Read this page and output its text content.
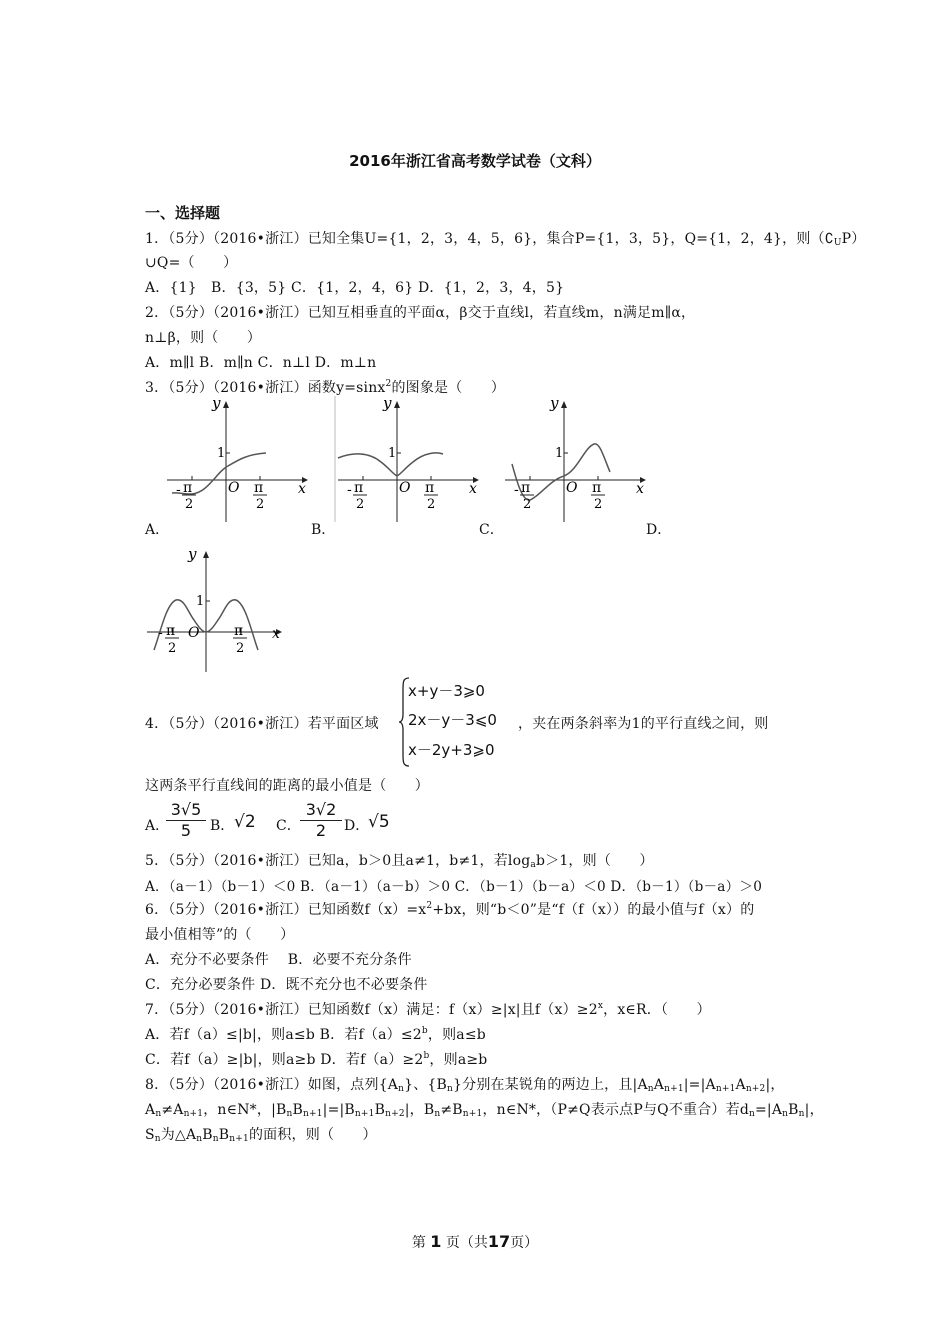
2016年浙江省高考数学试卷（文科）
一、选择题
1．（5分）（2016•浙江）已知全集U={1，2，3，4，5，6}，集合P={1，3，5}，Q={1，2，4}，则$(∁_UP)$
∪Q=（　　）
A．{1}　B．{3，5} C．{1，2，4，6} D．{1，2，3，4，5}
2．（5分）（2016•浙江）已知互相垂直的平面α，β交于直线l，若直线m，n满足m∥α，
n⊥β，则（　　）
A．m∥l B．m∥n C．n⊥l D．m⊥n
3．（5分）（2016•浙江）函数y=sinx$^2$的图象是（　　）
y
x
O
1
- π
2
π
2
y
x
O
1
- π
2
π
2
y
x
O
1
- π
2
π
2
A．	B．	C．	D．
y
x
O
1
- π
2
π
2
4．（5分）（2016•浙江）若平面区域
x+y－3⩾0
2x－y－3⩽0
x－2y+3⩾0
，夹在两条斜率为1的平行直线之间，则
这两条平行直线间的距离的最小值是（　　）
A．
$\frac{3√5}{5}$ B． √2 C． $\frac{3√2}{2}$ D．
√5
5．（5分）（2016•浙江）已知a，b＞0且a≠1，b≠1，若$\log_ab>1$，则（　　）
A．（a－1）（b－1）＜0 B．（a－1）（a－b）＞0 C．（b－1）（b－a）＜0 D．（b－1）（b－a）＞0
6．（5分）（2016•浙江）已知函数$f(x)=x^2+bx$，则“b＜0”是“f（f（x））的最小值与f（x）的
最小值相等”的（　　）
A．充分不必要条件　 B．必要不充分条件
C．充分必要条件 D．既不充分也不必要条件
7．（5分）（2016•浙江）已知函数f（x）满足：f（x）≥|x|且$f(x)\ge 2^x$，x∈R．（　　）
A．若f（a）≤|b|，则a≤b B．若$f(a)\le 2^b$，则a≤b
C．若f（a）≥|b|，则a≥b D．若$f(a)\ge 2^b$，则a≥b
8．（5分）（2016•浙江）如图，点列$\{A_n\}$、$\{B_n\}$分别在某锐角的两边上，且$|A_nA_{n+1}|=|A_{n+1}A_{n+2}|$，
$A_n\ne A_{n+1}$，n∈N*，$|B_nB_{n+1}|=|B_{n+1}B_{n+2}|$，$B_n\ne B_{n+1}$，n∈N*，（P≠Q表示点P与Q不重合）若$d_n=|A_nB_n|$，
$S_n$为$\triangle A_nB_nB_{n+1}$的面积，则（　　）
第 1 页（共17页）
